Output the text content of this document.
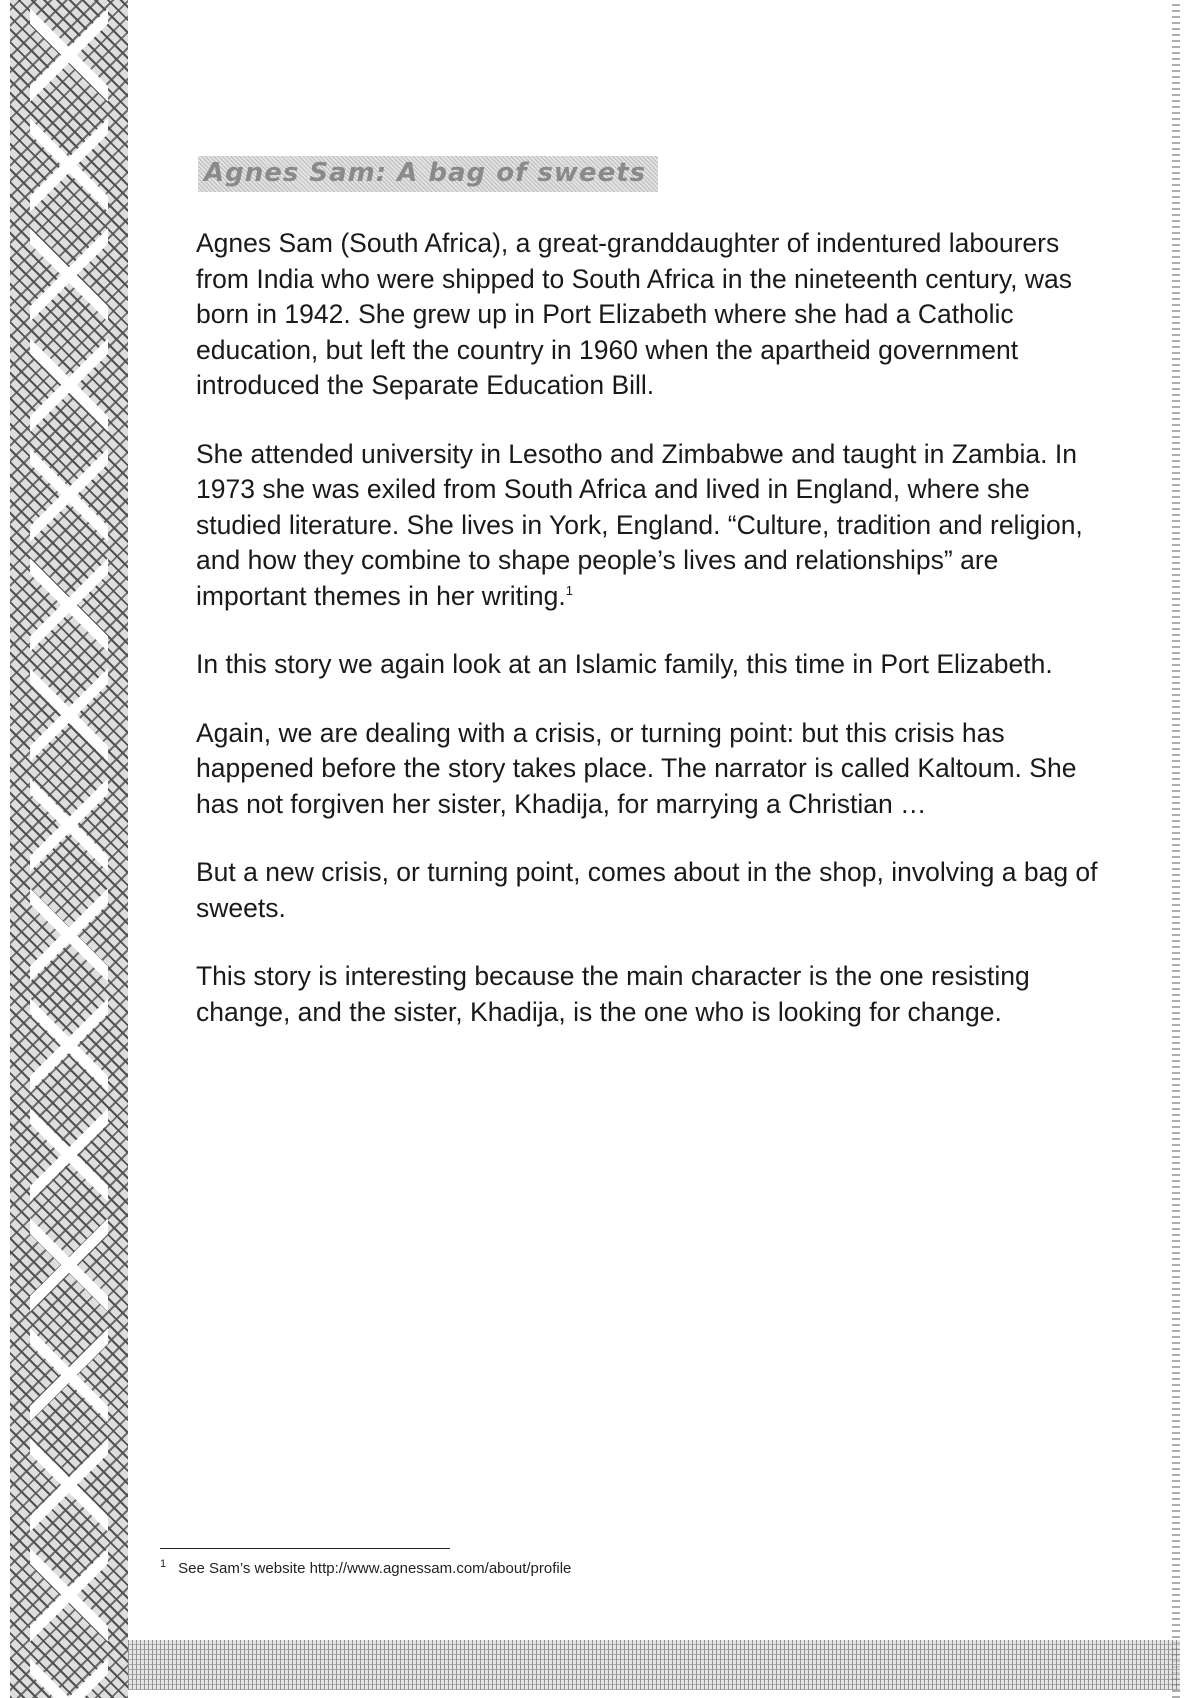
Agnes Sam: A bag of sweets

Agnes Sam (South Africa), a great-granddaughter of indentured labourers from India who were shipped to South Africa in the nineteenth century, was born in 1942. She grew up in Port Elizabeth where she had a Catholic education, but left the country in 1960 when the apartheid government introduced the Separate Education Bill.

She attended university in Lesotho and Zimbabwe and taught in Zambia. In 1973 she was exiled from South Africa and lived in England, where she studied literature. She lives in York, England. “Culture, tradition and religion, and how they combine to shape people’s lives and relationships” are important themes in her writing.$^1$

In this story we again look at an Islamic family, this time in Port Elizabeth.

Again, we are dealing with a crisis, or turning point: but this crisis has happened before the story takes place. The narrator is called Kaltoum. She has not forgiven her sister, Khadija, for marrying a Christian …

But a new crisis, or turning point, comes about in the shop, involving a bag of sweets.

This story is interesting because the main character is the one resisting change, and the sister, Khadija, is the one who is looking for change.

$^1$ See Sam’s website http://www.agnessam.com/about/profile
